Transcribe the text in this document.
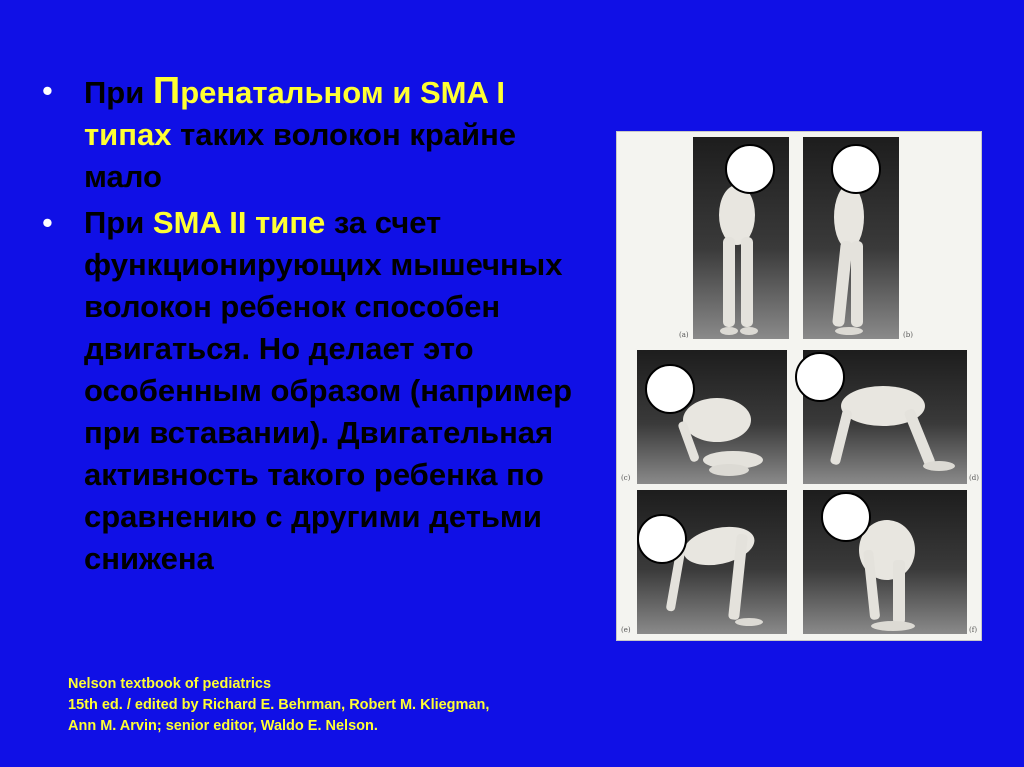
• При Пренатальном и SMA I
типах таких волокон крайне мало
• При SMA II типе за счет функционирующих мышечных волокон ребенок способен двигаться. Но делает это особенным образом (например при вставании). Двигательная активность такого ребенка по сравнению с другими детьми снижена
Nelson textbook of pediatrics
15th ed. / edited by Richard E. Behrman, Robert M. Kliegman,
Ann M. Arvin; senior editor, Waldo E. Nelson.
(a)	(b)
(c)	(d)
(e)	(f)
